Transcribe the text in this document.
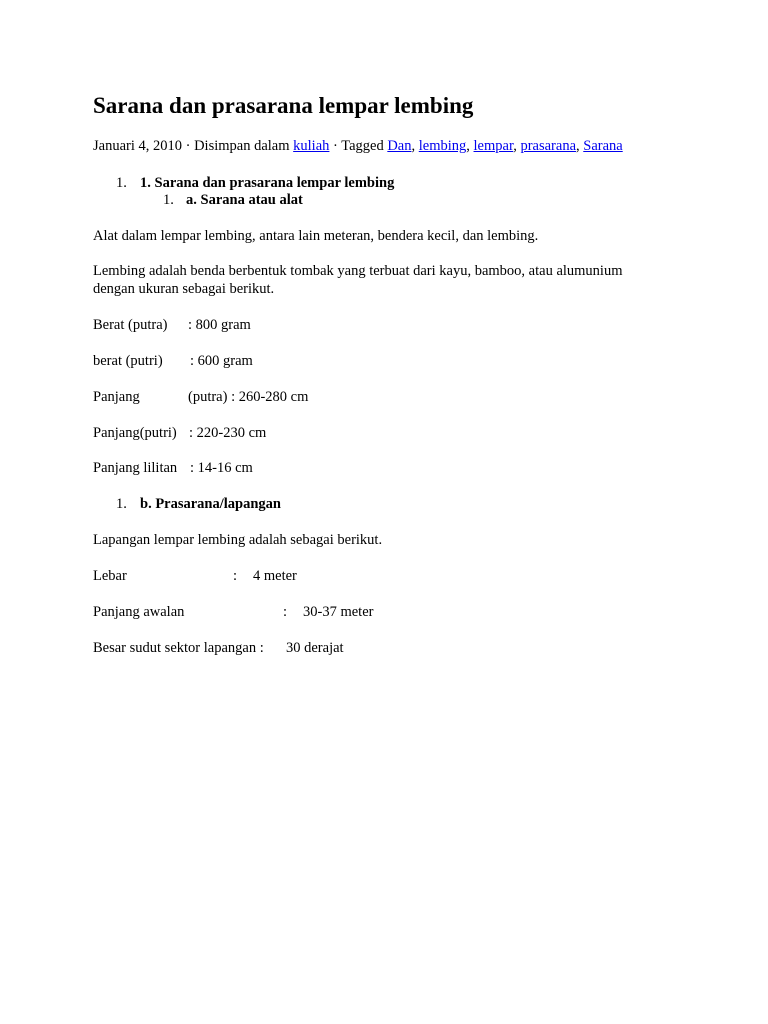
Sarana dan prasarana lempar lembing
Januari 4, 2010 · Disimpan dalam kuliah · Tagged Dan, lembing, lempar, prasarana, Sarana
1. 1. Sarana dan prasarana lempar lembing
1. a. Sarana atau alat

Alat dalam lempar lembing, antara lain meteran, bendera kecil, dan lembing.

Lembing adalah benda berbentuk tombak yang terbuat dari kayu, bamboo, atau alumunium

dengan ukuran sebagai berikut.

Berat (putra) : 800 gram
berat (putri) : 600 gram
Panjang	(putra) : 260-280 cm
Panjang(putri) : 220-230 cm
Panjang lilitan : 14-16 cm
1. b. Prasarana/lapangan

Lapangan lempar lembing adalah sebagai berikut.

Lebar	: 4 meter
Panjang awalan	: 30-37 meter
Besar sudut sektor lapangan : 30 derajat
